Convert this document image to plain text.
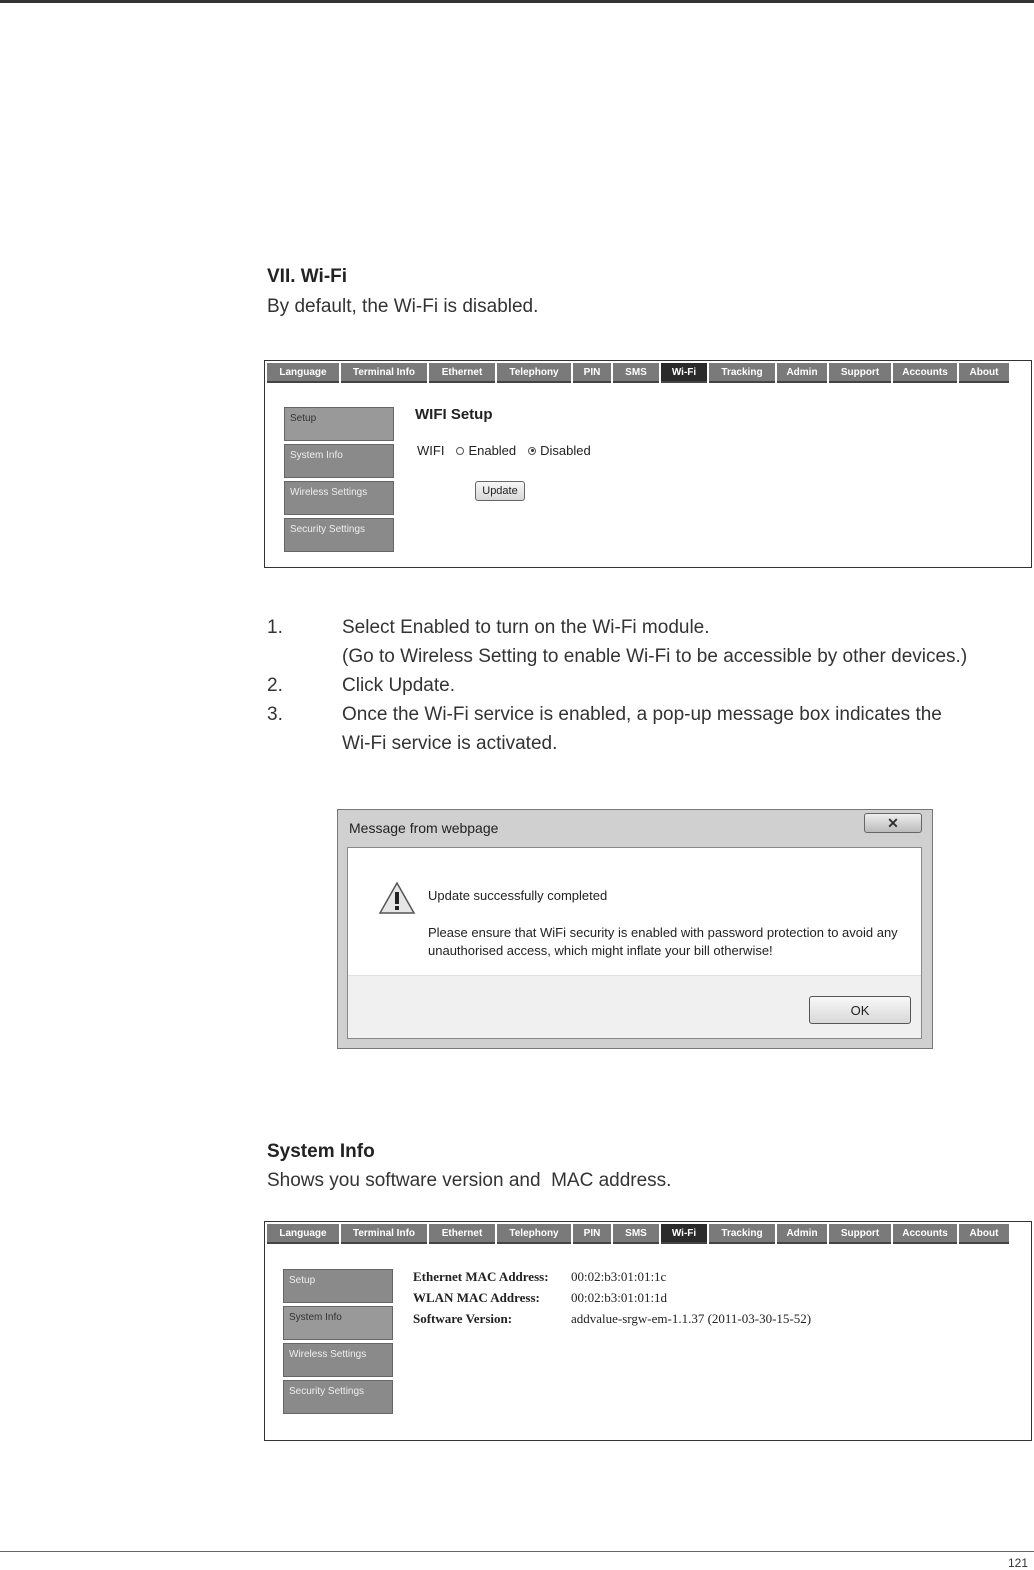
VII. Wi-Fi
By default, the Wi-Fi is disabled.
Language	Terminal Info	Ethernet	Telephony	PIN	SMS	Wi-Fi	Tracking	Admin	Support	Accounts	About
Setup
System Info
Wireless Settings
Security Settings
WIFI Setup
WIFI Enabled Disabled
Update
1.	Select Enabled to turn on the Wi-Fi module.
(Go to Wireless Setting to enable Wi-Fi to be accessible by other devices.)
2.	Click Update.
3.	Once the Wi-Fi service is enabled, a pop-up message box indicates the
Wi-Fi service is activated.
Message from webpage	✕
Update successfully completed
Please ensure that WiFi security is enabled with password protection to avoid any unauthorised access, which might inflate your bill otherwise!
OK
System Info
Shows you software version and  MAC address.
Language	Terminal Info	Ethernet	Telephony	PIN	SMS	Wi-Fi	Tracking	Admin	Support	Accounts	About
Setup
System Info
Wireless Settings
Security Settings
Ethernet MAC Address: 00:02:b3:01:01:1c
WLAN MAC Address: 00:02:b3:01:01:1d
Software Version:	addvalue-srgw-em-1.1.37 (2011-03-30-15-52)
121
